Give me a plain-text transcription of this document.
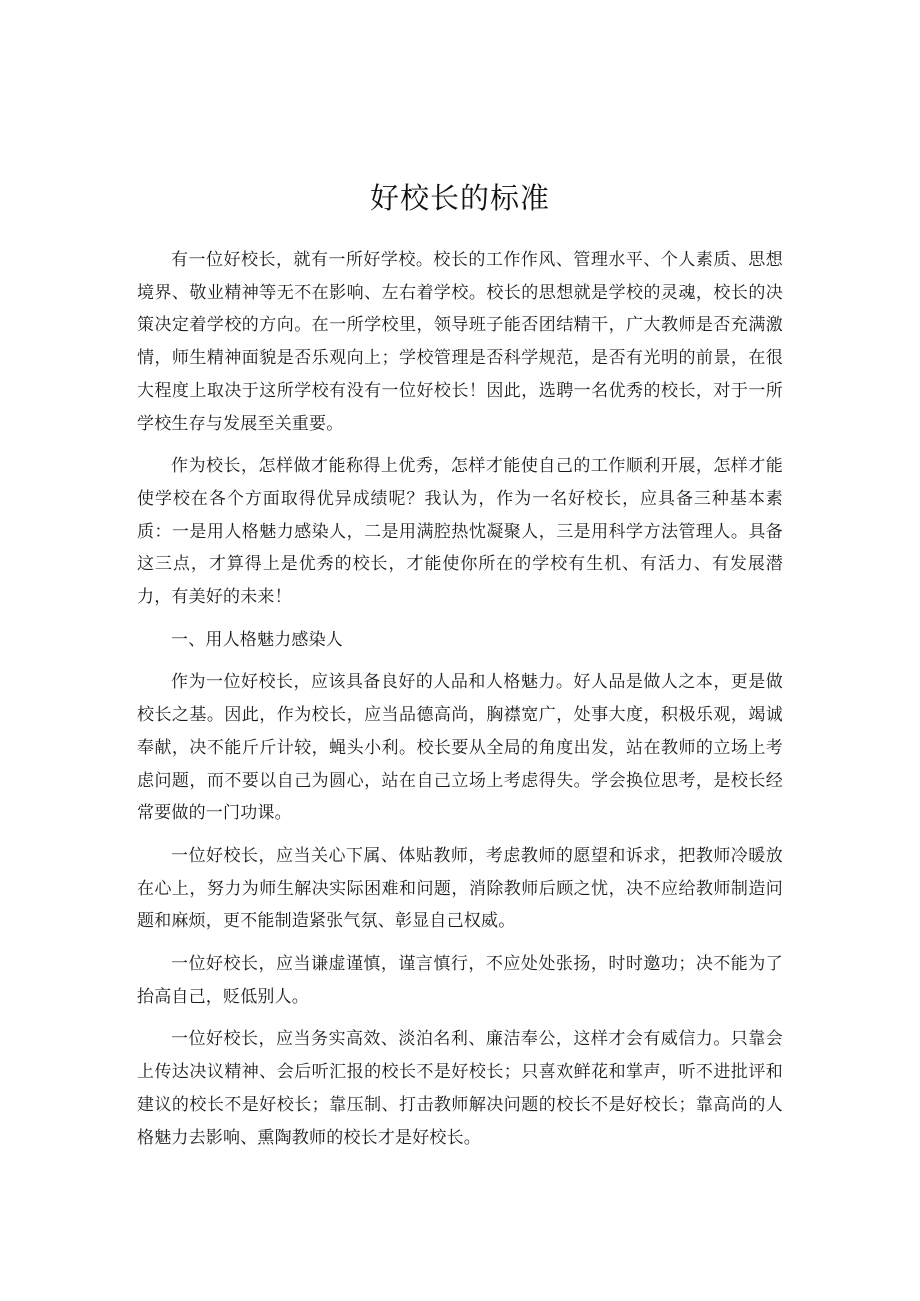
好校长的标准

有一位好校长，就有一所好学校。校长的工作作风、管理水平、个人素质、思想境界、敬业精神等无不在影响、左右着学校。校长的思想就是学校的灵魂，校长的决策决定着学校的方向。在一所学校里，领导班子能否团结精干，广大教师是否充满激情，师生精神面貌是否乐观向上；学校管理是否科学规范，是否有光明的前景，在很大程度上取决于这所学校有没有一位好校长！因此，选聘一名优秀的校长，对于一所学校生存与发展至关重要。

作为校长，怎样做才能称得上优秀，怎样才能使自己的工作顺利开展，怎样才能使学校在各个方面取得优异成绩呢？我认为，作为一名好校长，应具备三种基本素质：一是用人格魅力感染人，二是用满腔热忱凝聚人，三是用科学方法管理人。具备这三点，才算得上是优秀的校长，才能使你所在的学校有生机、有活力、有发展潜力，有美好的未来！

一、用人格魅力感染人

作为一位好校长，应该具备良好的人品和人格魅力。好人品是做人之本，更是做校长之基。因此，作为校长，应当品德高尚，胸襟宽广，处事大度，积极乐观，竭诚奉献，决不能斤斤计较，蝇头小利。校长要从全局的角度出发，站在教师的立场上考虑问题，而不要以自己为圆心，站在自己立场上考虑得失。学会换位思考，是校长经常要做的一门功课。

一位好校长，应当关心下属、体贴教师，考虑教师的愿望和诉求，把教师冷暖放在心上，努力为师生解决实际困难和问题，消除教师后顾之忧，决不应给教师制造问题和麻烦，更不能制造紧张气氛、彰显自己权威。

一位好校长，应当谦虚谨慎，谨言慎行，不应处处张扬，时时邀功；决不能为了抬高自己，贬低别人。

一位好校长，应当务实高效、淡泊名利、廉洁奉公，这样才会有威信力。只靠会上传达决议精神、会后听汇报的校长不是好校长；只喜欢鲜花和掌声，听不进批评和建议的校长不是好校长；靠压制、打击教师解决问题的校长不是好校长；靠高尚的人格魅力去影响、熏陶教师的校长才是好校长。
